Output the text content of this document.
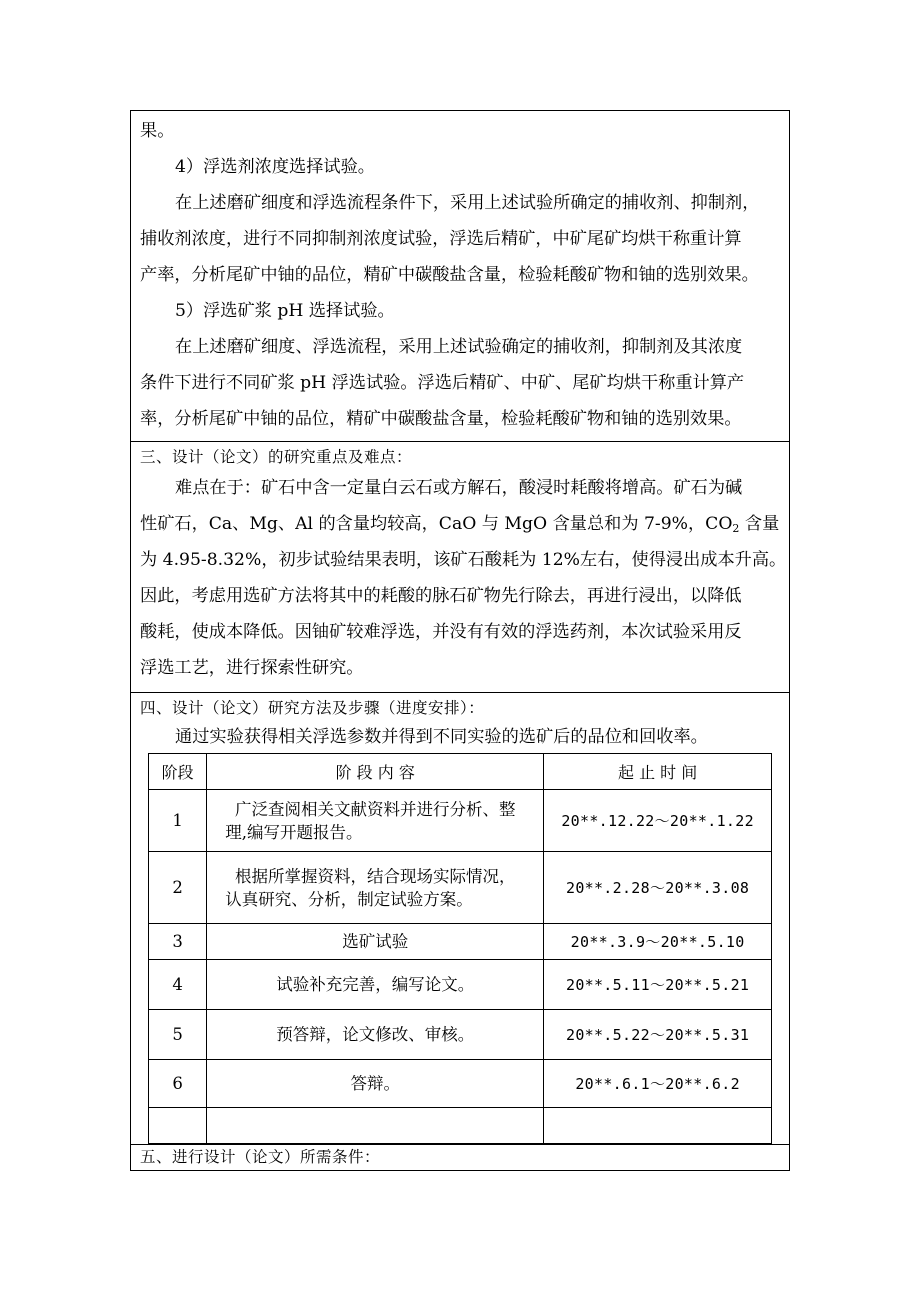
果。

4）浮选剂浓度选择试验。

在上述磨矿细度和浮选流程条件下，采用上述试验所确定的捕收剂、抑制剂，

捕收剂浓度，进行不同抑制剂浓度试验，浮选后精矿，中矿尾矿均烘干称重计算

产率，分析尾矿中铀的品位，精矿中碳酸盐含量，检验耗酸矿物和铀的选别效果。

5）浮选矿浆 pH 选择试验。

在上述磨矿细度、浮选流程，采用上述试验确定的捕收剂，抑制剂及其浓度

条件下进行不同矿浆 pH 浮选试验。浮选后精矿、中矿、尾矿均烘干称重计算产

率，分析尾矿中铀的品位，精矿中碳酸盐含量，检验耗酸矿物和铀的选别效果。

三、设计（论文）的研究重点及难点：

难点在于：矿石中含一定量白云石或方解石，酸浸时耗酸将增高。矿石为碱

性矿石，Ca、Mg、Al 的含量均较高，CaO 与 MgO 含量总和为 7-9%，$CO_2$ 含量

为 4.95-8.32%，初步试验结果表明，该矿石酸耗为 12%左右，使得浸出成本升高。

因此，考虑用选矿方法将其中的耗酸的脉石矿物先行除去，再进行浸出，以降低

酸耗，使成本降低。因铀矿较难浮选，并没有有效的浮选药剂，本次试验采用反

浮选工艺，进行探索性研究。

四、设计（论文）研究方法及步骤（进度安排）：

通过实验获得相关浮选参数并得到不同实验的选矿后的品位和回收率。

阶段	阶 段 内 容	起 止 时 间
1	广泛查阅相关文献资料并进行分析、整
理,编写开题报告。	20**.12.22～20**.1.22
2	根据所掌握资料，结合现场实际情况，
认真研究、分析，制定试验方案。	20**.2.28～20**.3.08
3	选矿试验	20**.3.9～20**.5.10
4	试验补充完善，编写论文。	20**.5.11～20**.5.21
5	预答辩，论文修改、审核。	20**.5.22～20**.5.31
6	答辩。	20**.6.1～20**.6.2

五、进行设计（论文）所需条件：
